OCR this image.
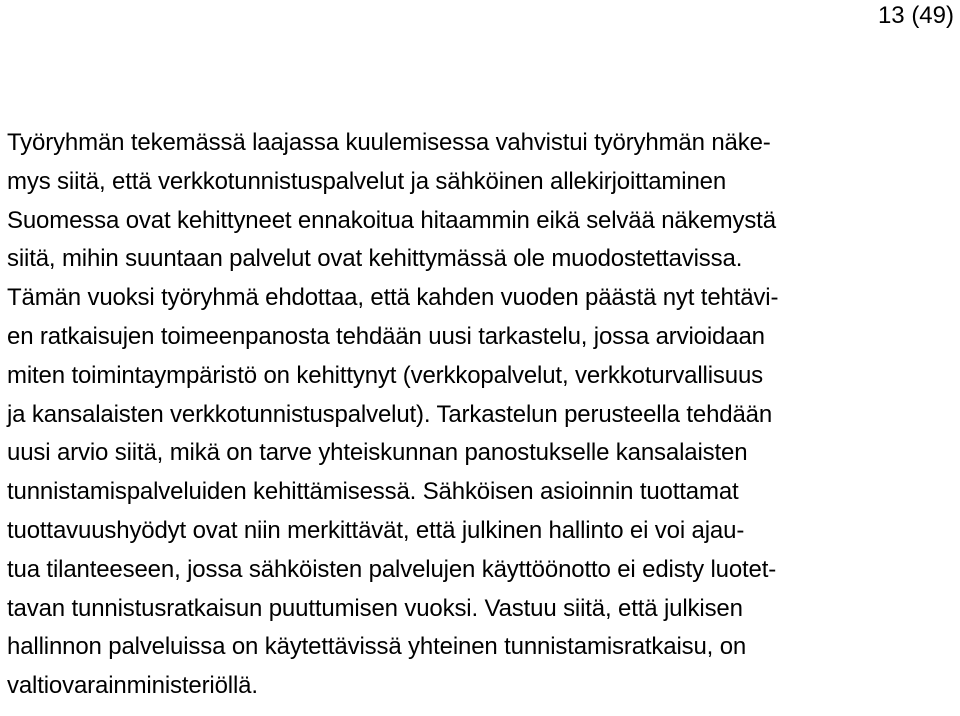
13 (49)
Työryhmän tekemässä laajassa kuulemisessa vahvistui työryhmän näke-
mys siitä, että verkkotunnistuspalvelut ja sähköinen allekirjoittaminen
Suomessa ovat kehittyneet ennakoitua hitaammin eikä selvää näkemystä
siitä, mihin suuntaan palvelut ovat kehittymässä ole muodostettavissa.
Tämän vuoksi työryhmä ehdottaa, että kahden vuoden päästä nyt tehtävi-
en ratkaisujen toimeenpanosta tehdään uusi tarkastelu, jossa arvioidaan
miten toimintaympäristö on kehittynyt (verkkopalvelut, verkkoturvallisuus
ja kansalaisten verkkotunnistuspalvelut). Tarkastelun perusteella tehdään
uusi arvio siitä, mikä on tarve yhteiskunnan panostukselle kansalaisten
tunnistamispalveluiden kehittämisessä. Sähköisen asioinnin tuottamat
tuottavuushyödyt ovat niin merkittävät, että julkinen hallinto ei voi ajau-
tua tilanteeseen, jossa sähköisten palvelujen käyttöönotto ei edisty luotet-
tavan tunnistusratkaisun puuttumisen vuoksi. Vastuu siitä, että julkisen
hallinnon palveluissa on käytettävissä yhteinen tunnistamisratkaisu, on
valtiovarainministeriöllä.
